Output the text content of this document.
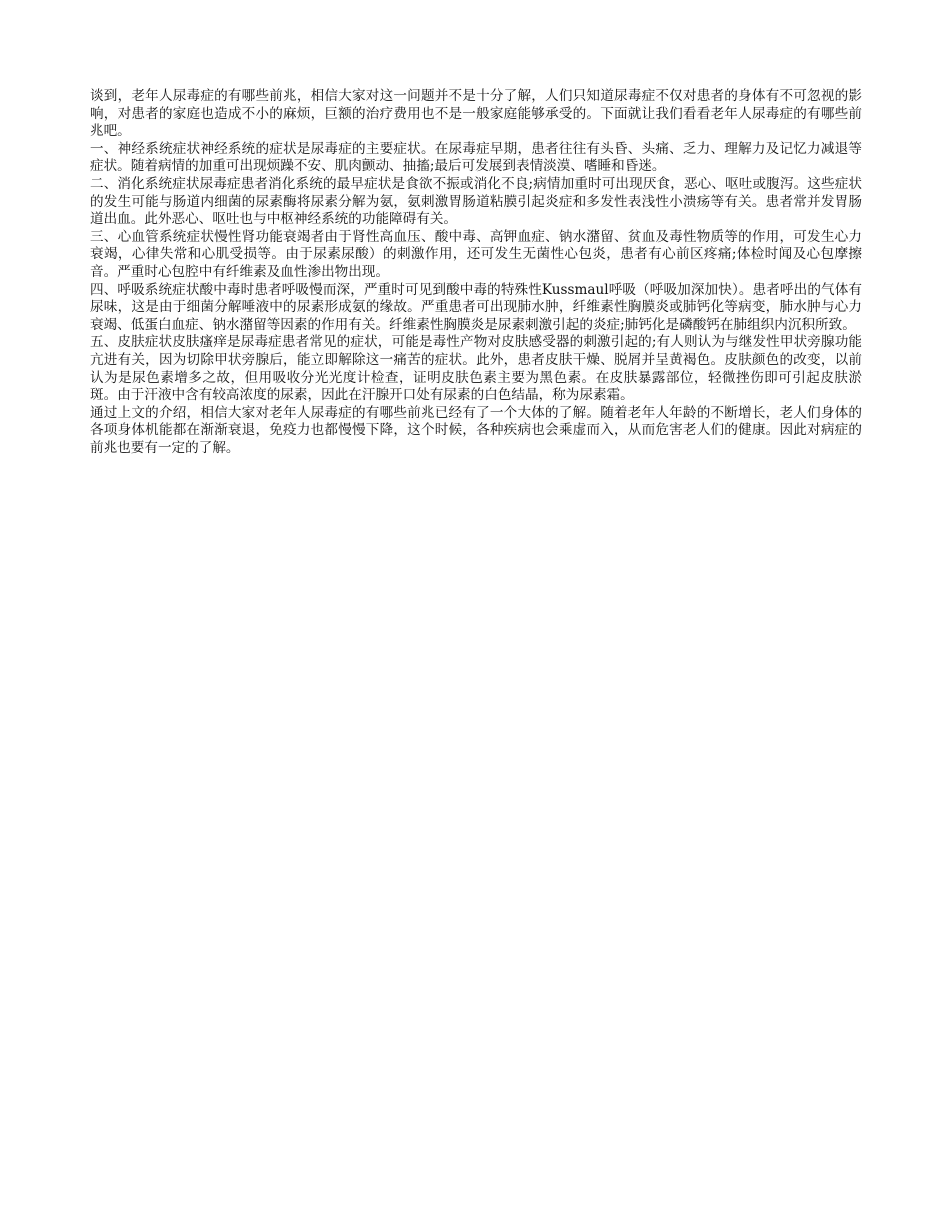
谈到，老年人尿毒症的有哪些前兆，相信大家对这一问题并不是十分了解，人们只知道尿毒症不仅对患者的身体有不可忽视的影响，对患者的家庭也造成不小的麻烦，巨额的治疗费用也不是一般家庭能够承受的。下面就让我们看看老年人尿毒症的有哪些前兆吧。

一、神经系统症状神经系统的症状是尿毒症的主要症状。在尿毒症早期，患者往往有头昏、头痛、乏力、理解力及记忆力减退等症状。随着病情的加重可出现烦躁不安、肌肉颤动、抽搐;最后可发展到表情淡漠、嗜睡和昏迷。

二、消化系统症状尿毒症患者消化系统的最早症状是食欲不振或消化不良;病情加重时可出现厌食，恶心、呕吐或腹泻。这些症状的发生可能与肠道内细菌的尿素酶将尿素分解为氨，氨刺激胃肠道粘膜引起炎症和多发性表浅性小溃疡等有关。患者常并发胃肠道出血。此外恶心、呕吐也与中枢神经系统的功能障碍有关。

三、心血管系统症状慢性肾功能衰竭者由于肾性高血压、酸中毒、高钾血症、钠水潴留、贫血及毒性物质等的作用，可发生心力衰竭，心律失常和心肌受损等。由于尿素尿酸）的刺激作用，还可发生无菌性心包炎，患者有心前区疼痛;体检时闻及心包摩擦音。严重时心包腔中有纤维素及血性渗出物出现。

四、呼吸系统症状酸中毒时患者呼吸慢而深，严重时可见到酸中毒的特殊性Kussmaul呼吸（呼吸加深加快）。患者呼出的气体有尿味，这是由于细菌分解唾液中的尿素形成氨的缘故。严重患者可出现肺水肿，纤维素性胸膜炎或肺钙化等病变，肺水肿与心力衰竭、低蛋白血症、钠水潴留等因素的作用有关。纤维素性胸膜炎是尿素刺激引起的炎症;肺钙化是磷酸钙在肺组织内沉积所致。

五、皮肤症状皮肤瘙痒是尿毒症患者常见的症状，可能是毒性产物对皮肤感受器的刺激引起的;有人则认为与继发性甲状旁腺功能亢进有关，因为切除甲状旁腺后，能立即解除这一痛苦的症状。此外，患者皮肤干燥、脱屑并呈黄褐色。皮肤颜色的改变，以前认为是尿色素增多之故，但用吸收分光光度计检查，证明皮肤色素主要为黑色素。在皮肤暴露部位，轻微挫伤即可引起皮肤淤斑。由于汗液中含有较高浓度的尿素，因此在汗腺开口处有尿素的白色结晶，称为尿素霜。

通过上文的介绍，相信大家对老年人尿毒症的有哪些前兆已经有了一个大体的了解。随着老年人年龄的不断增长，老人们身体的各项身体机能都在渐渐衰退，免疫力也都慢慢下降，这个时候，各种疾病也会乘虚而入，从而危害老人们的健康。因此对病症的前兆也要有一定的了解。
